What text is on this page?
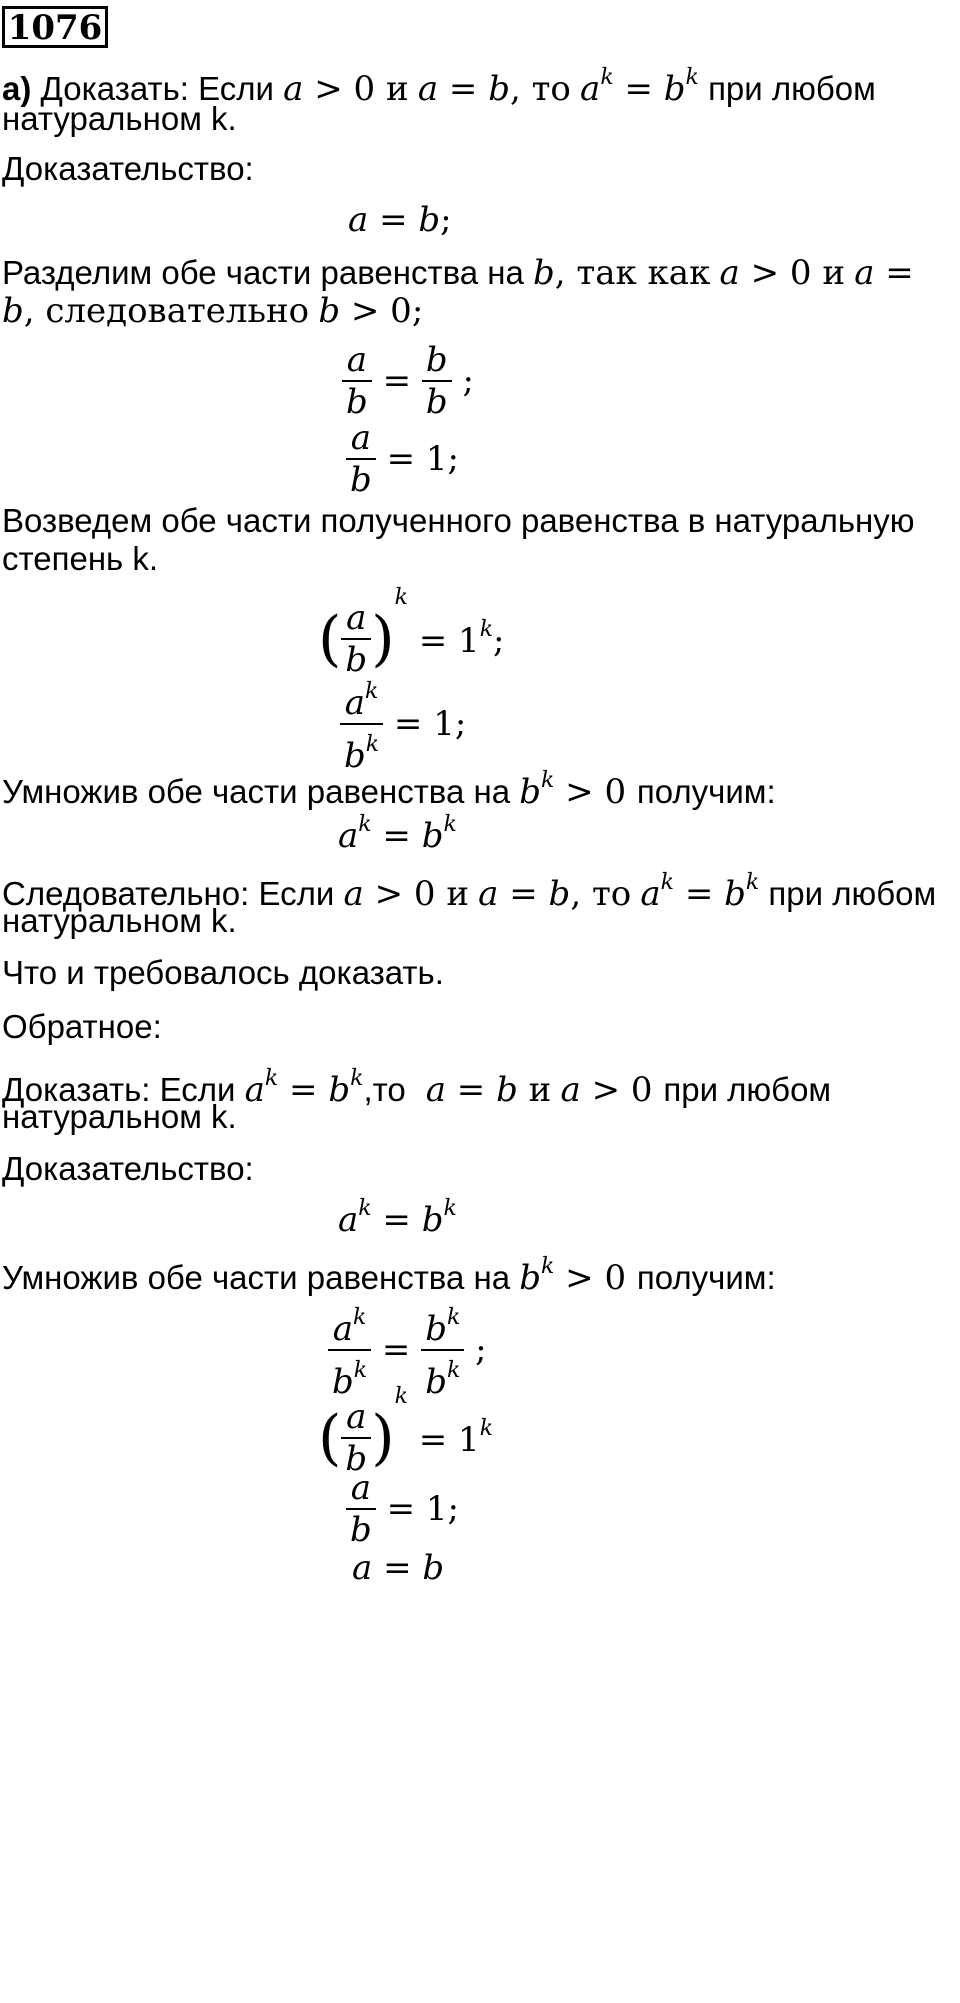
1076
а) Доказать: Если a > 0 и a = b, то $a^k = b^k$ при любом
натуральном k.
Доказательство:
a = b;
Разделим обе части равенства на b, так как a > 0 и a =
b, следовательно b > 0;
$\frac{a}{b} = \frac{b}{b}$ ;
$\frac{a}{b} = 1$;
Возведем обе части полученного равенства в натуральную
степень k.
( $\frac{a}{b} )k = 1^k$;
$\frac{a^k}{b^k} = 1$;
Умножив обе части равенства на $b^k > 0$ получим:
$a^k = b^k$
Следовательно: Если a > 0 и a = b, то $a^k = b^k$ при любом
натуральном k.
Что и требовалось доказать.
Обратное:
Доказать: Если $a^k = b^k,то$  a = b и a > 0 при любом
натуральном k.
Доказательство:
$a^k = b^k$
Умножив обе части равенства на $b^k > 0$ получим:
$\frac{a^k}{b^k} = \frac{b^k}{b^k}$ ;
( $\frac{a}{b} )k = 1^k$
$\frac{a}{b} = 1$;
a = b
